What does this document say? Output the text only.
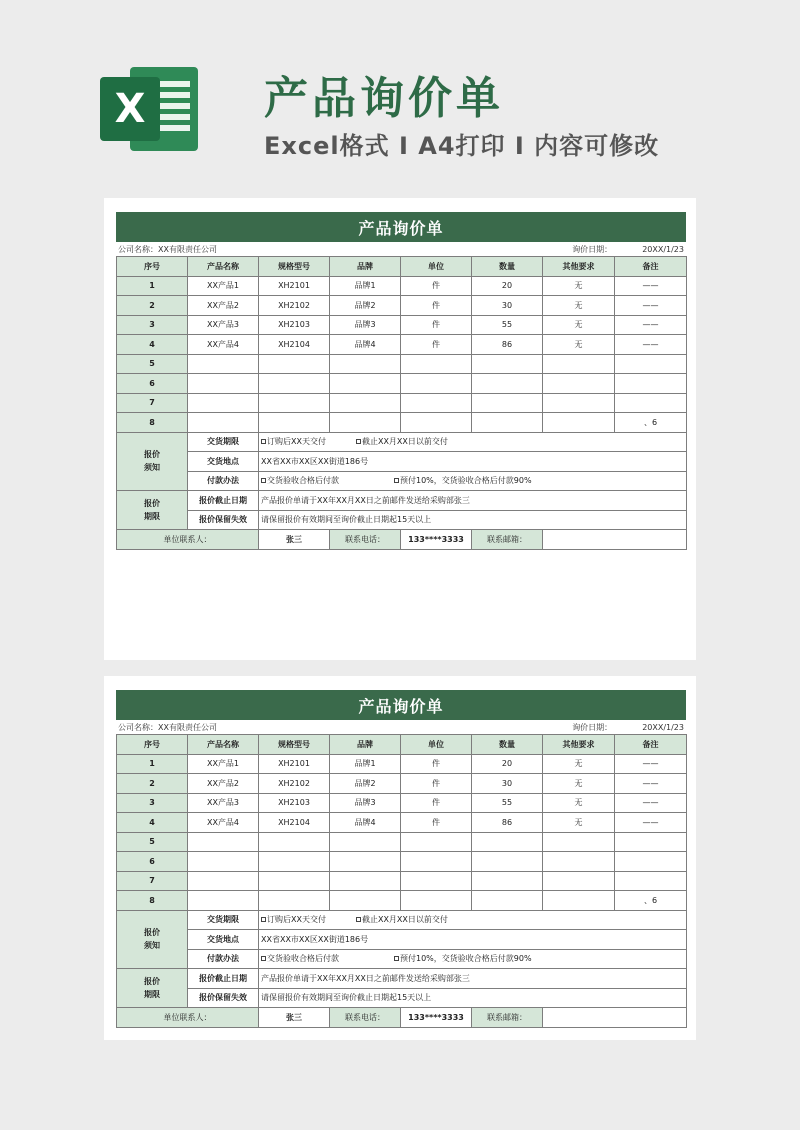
X	产品询价单
Excel格式 I A4打印 I 内容可修改
产品询价单
公司名称：XX有限责任公司	询价日期：	20XX/1/23
序号	产品名称	规格型号	品牌	单位	数量	其他要求	备注
1	XX产品1	XH2101	品牌1	件	20	无	——
2	XX产品2	XH2102	品牌2	件	30	无	——
3	XX产品3	XH2103	品牌3	件	55	无	——
4	XX产品4	XH2104	品牌4	件	86	无	——
5							
6							
7							
8							、6
报价
须知	交货期限	订购后XX天交付 截止XX月XX日以前交付					
	交货地点	XX省XX市XX区XX街道186号					
	付款办法	交货验收合格后付款 预付10%，交货验收合格后付款90%					
报价
期限	报价截止日期	产品报价单请于XX年XX月XX日之前邮件发送给采购部张三					
	报价保留失效	请保留报价有效期间至询价截止日期起15天以上					
单位联系人：		张三	联系电话：	133****3333	联系邮箱：		
产品询价单
公司名称：XX有限责任公司	询价日期：	20XX/1/23
序号	产品名称	规格型号	品牌	单位	数量	其他要求	备注
1	XX产品1	XH2101	品牌1	件	20	无	——
2	XX产品2	XH2102	品牌2	件	30	无	——
3	XX产品3	XH2103	品牌3	件	55	无	——
4	XX产品4	XH2104	品牌4	件	86	无	——
5							
6							
7							
8							、6
报价
须知	交货期限	订购后XX天交付 截止XX月XX日以前交付					
	交货地点	XX省XX市XX区XX街道186号					
	付款办法	交货验收合格后付款 预付10%，交货验收合格后付款90%					
报价
期限	报价截止日期	产品报价单请于XX年XX月XX日之前邮件发送给采购部张三					
	报价保留失效	请保留报价有效期间至询价截止日期起15天以上					
单位联系人：		张三	联系电话：	133****3333	联系邮箱：		
